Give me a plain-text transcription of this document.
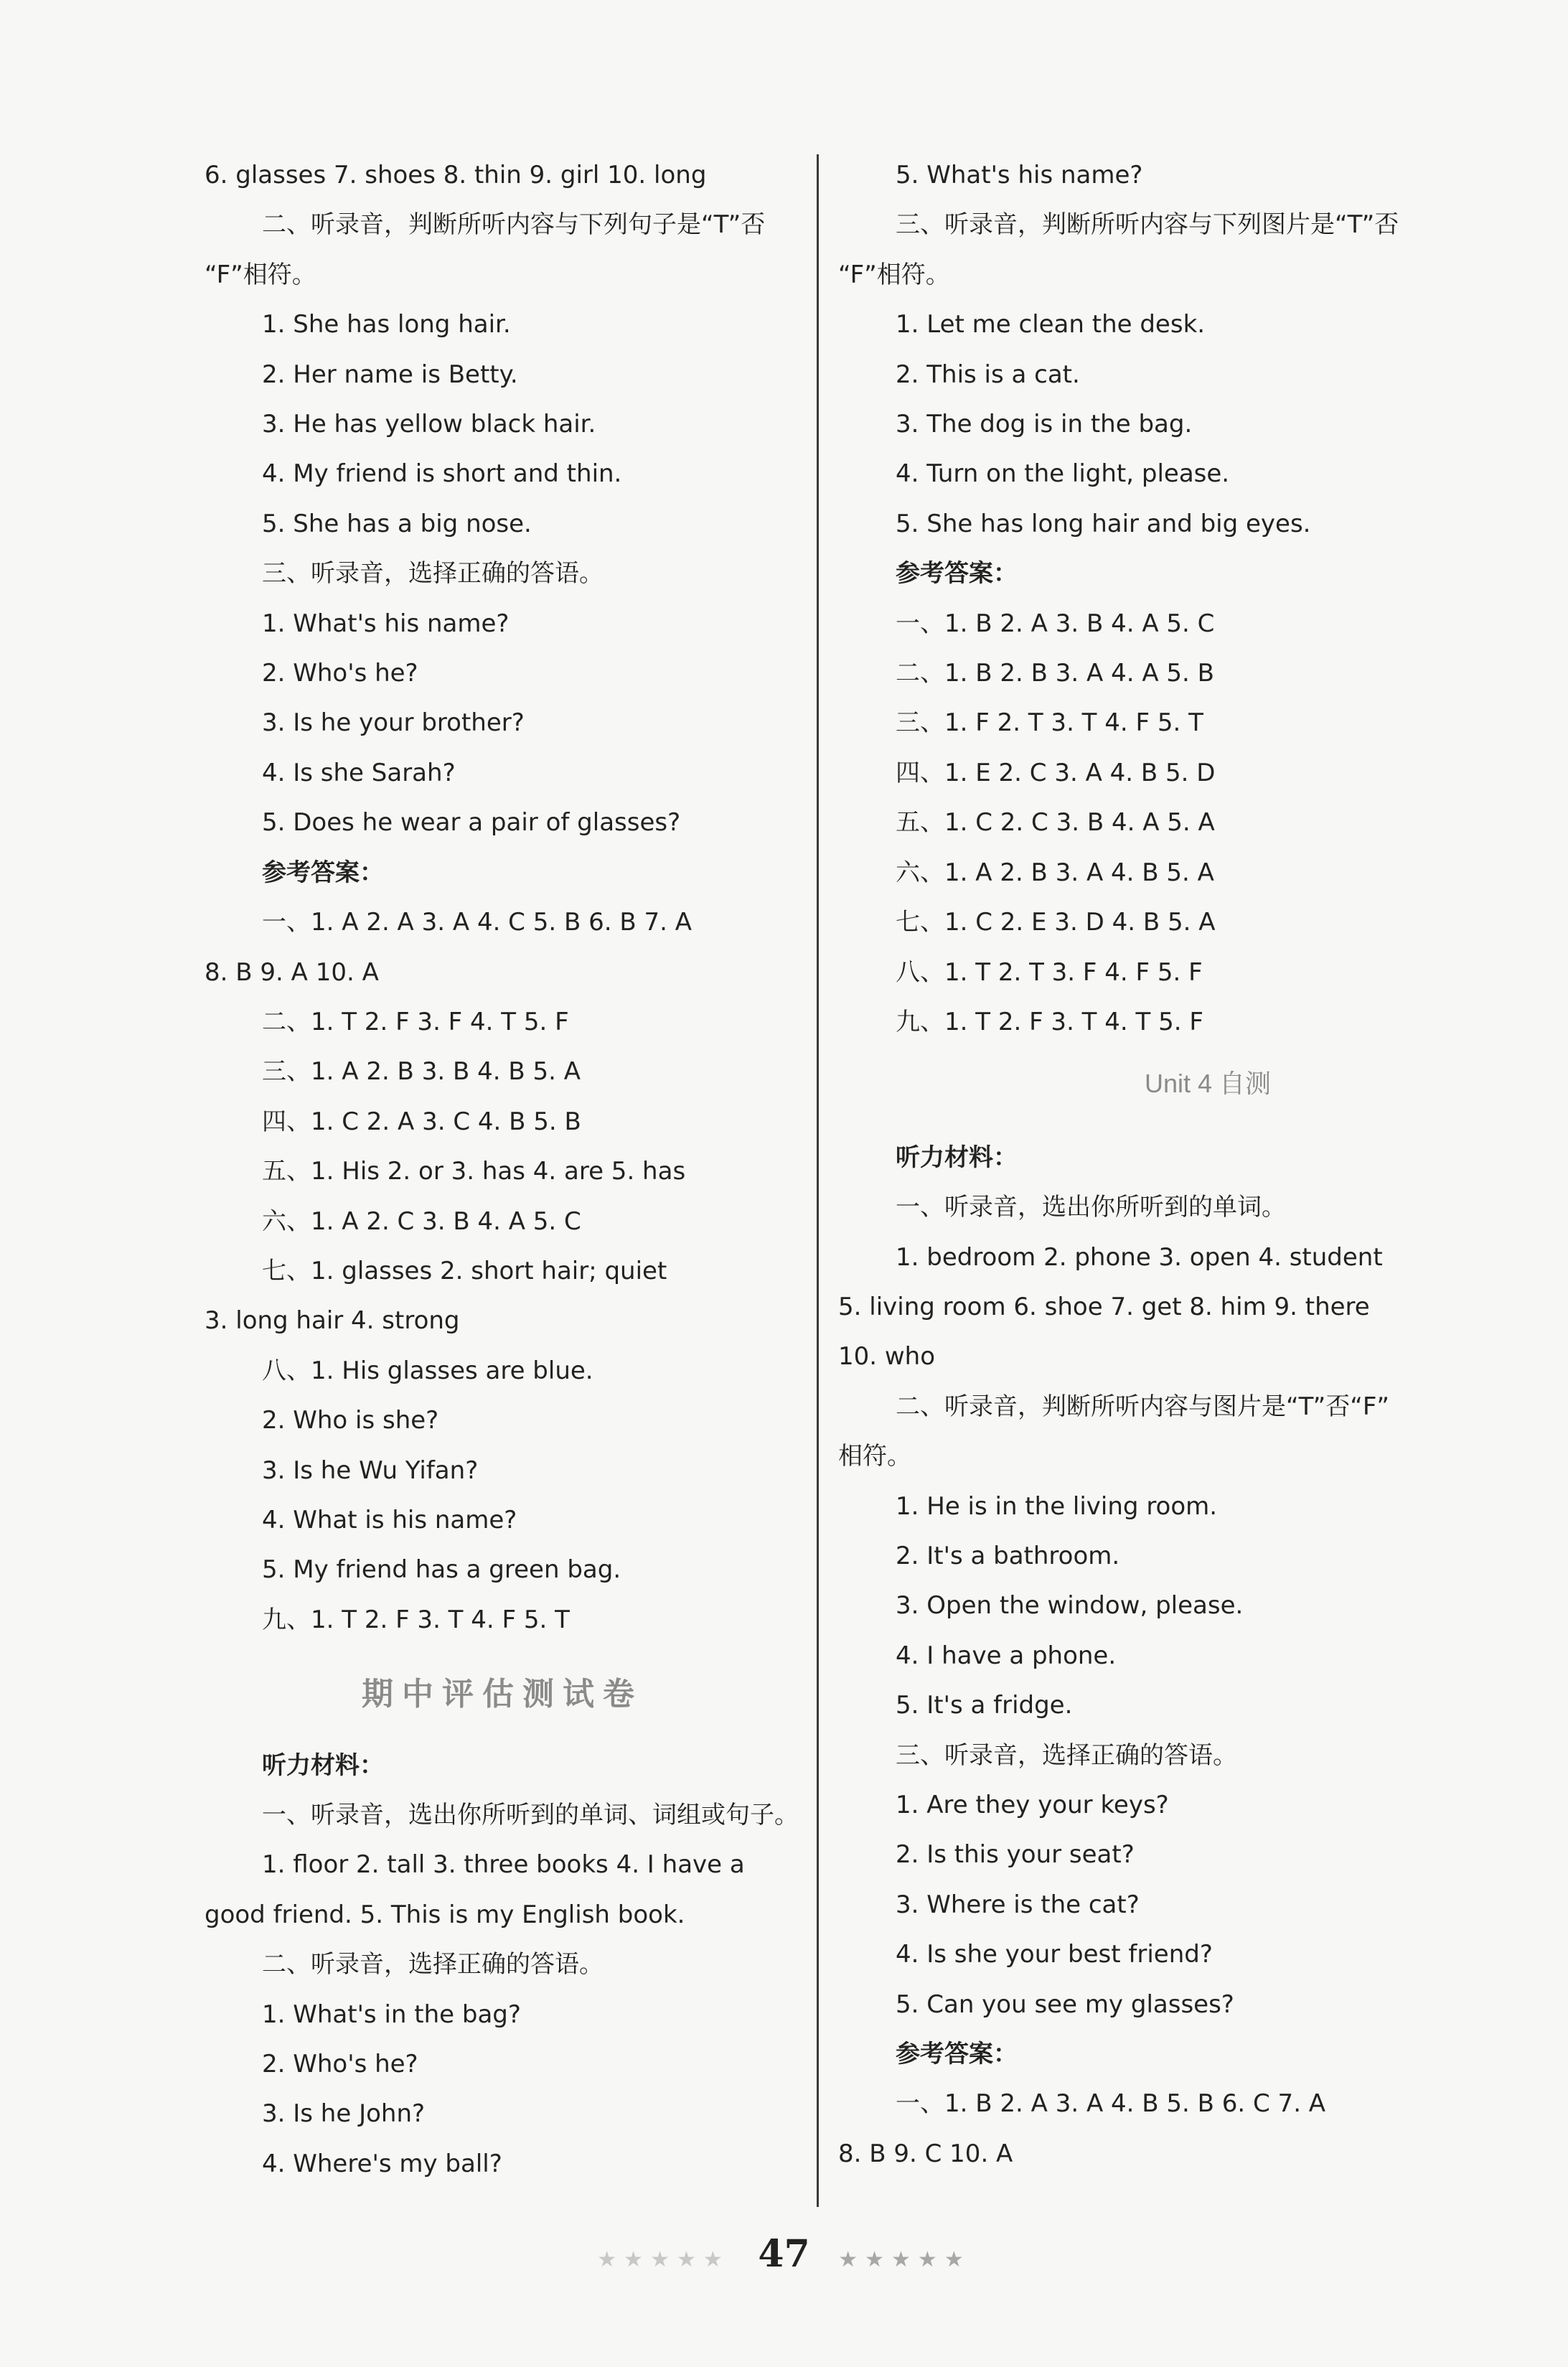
6. glasses 7. shoes 8. thin 9. girl 10. long
二、听录音，判断所听内容与下列句子是“T”否
“F”相符。
1. She has long hair.
2. Her name is Betty.
3. He has yellow black hair.
4. My friend is short and thin.
5. She has a big nose.
三、听录音，选择正确的答语。
1. What's his name?
2. Who's he?
3. Is he your brother?
4. Is she Sarah?
5. Does he wear a pair of glasses?
参考答案：
一、1. A 2. A 3. A 4. C 5. B 6. B 7. A
8. B 9. A 10. A
二、1. T 2. F 3. F 4. T 5. F
三、1. A 2. B 3. B 4. B 5. A
四、1. C 2. A 3. C 4. B 5. B
五、1. His 2. or 3. has 4. are 5. has
六、1. A 2. C 3. B 4. A 5. C
七、1. glasses 2. short hair; quiet
3. long hair 4. strong
八、1. His glasses are blue.
2. Who is she?
3. Is he Wu Yifan?
4. What is his name?
5. My friend has a green bag.
九、1. T 2. F 3. T 4. F 5. T
期中评估测试卷
听力材料：
一、听录音，选出你所听到的单词、词组或句子。
1. floor 2. tall 3. three books 4. I have a
good friend. 5. This is my English book.
二、听录音，选择正确的答语。
1. What's in the bag?
2. Who's he?
3. Is he John?
4. Where's my ball?
5. What's his name?
三、听录音，判断所听内容与下列图片是“T”否
“F”相符。
1. Let me clean the desk.
2. This is a cat.
3. The dog is in the bag.
4. Turn on the light, please.
5. She has long hair and big eyes.
参考答案：
一、1. B 2. A 3. B 4. A 5. C
二、1. B 2. B 3. A 4. A 5. B
三、1. F 2. T 3. T 4. F 5. T
四、1. E 2. C 3. A 4. B 5. D
五、1. C 2. C 3. B 4. A 5. A
六、1. A 2. B 3. A 4. B 5. A
七、1. C 2. E 3. D 4. B 5. A
八、1. T 2. T 3. F 4. F 5. F
九、1. T 2. F 3. T 4. T 5. F
Unit 4 自测
听力材料：
一、听录音，选出你所听到的单词。
1. bedroom 2. phone 3. open 4. student
5. living room 6. shoe 7. get 8. him 9. there
10. who
二、听录音，判断所听内容与图片是“T”否“F”
相符。
1. He is in the living room.
2. It's a bathroom.
3. Open the window, please.
4. I have a phone.
5. It's a fridge.
三、听录音，选择正确的答语。
1. Are they your keys?
2. Is this your seat?
3. Where is the cat?
4. Is she your best friend?
5. Can you see my glasses?
参考答案：
一、1. B 2. A 3. A 4. B 5. B 6. C 7. A
8. B 9. C 10. A
★★★★★ 47 ★★★★★
